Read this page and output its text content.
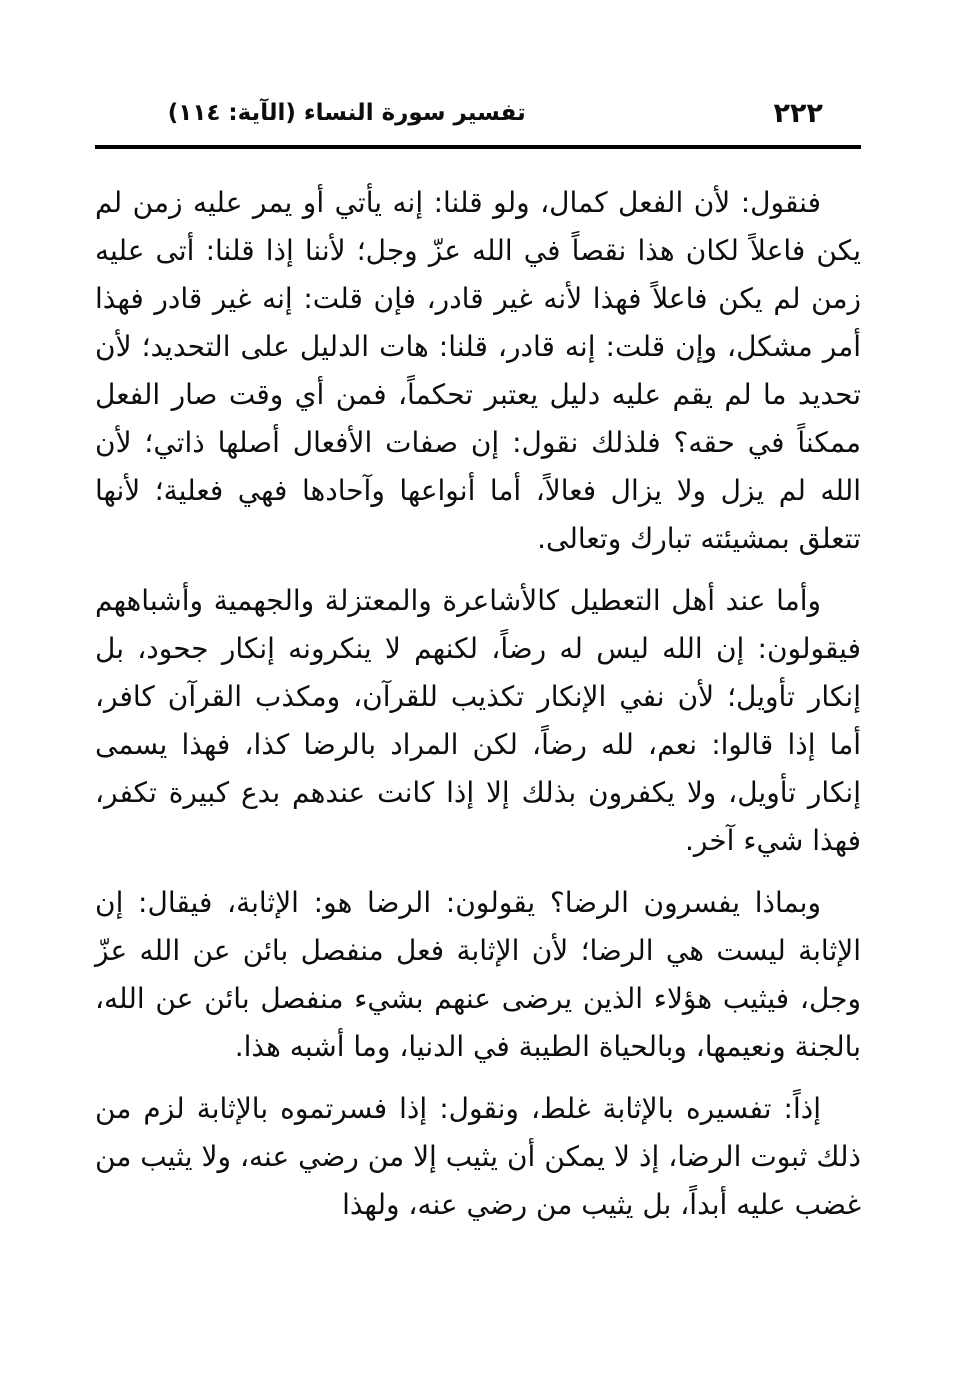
تفسير سورة النساء (الآية: ١١٤)	٢٢٢

فنقول: لأن الفعل كمال، ولو قلنا: إنه يأتي أو يمر عليه زمن لم يكن فاعلاً لكان هذا نقصاً في الله عزّ وجل؛ لأننا إذا قلنا: أتى عليه زمن لم يكن فاعلاً فهذا لأنه غير قادر، فإن قلت: إنه غير قادر فهذا أمر مشكل، وإن قلت: إنه قادر، قلنا: هات الدليل على التحديد؛ لأن تحديد ما لم يقم عليه دليل يعتبر تحكماً، فمن أي وقت صار الفعل ممكناً في حقه؟ فلذلك نقول: إن صفات الأفعال أصلها ذاتي؛ لأن الله لم يزل ولا يزال فعالاً، أما أنواعها وآحادها فهي فعلية؛ لأنها تتعلق بمشيئته تبارك وتعالى.

وأما عند أهل التعطيل كالأشاعرة والمعتزلة والجهمية وأشباههم فيقولون: إن الله ليس له رضاً، لكنهم لا ينكرونه إنكار جحود، بل إنكار تأويل؛ لأن نفي الإنكار تكذيب للقرآن، ومكذب القرآن كافر، أما إذا قالوا: نعم، لله رضاً، لكن المراد بالرضا كذا، فهذا يسمى إنكار تأويل، ولا يكفرون بذلك إلا إذا كانت عندهم بدع كبيرة تكفر، فهذا شيء آخر.

وبماذا يفسرون الرضا؟ يقولون: الرضا هو: الإثابة، فيقال: إن الإثابة ليست هي الرضا؛ لأن الإثابة فعل منفصل بائن عن الله عزّ وجل، فيثيب هؤلاء الذين يرضى عنهم بشيء منفصل بائن عن الله، بالجنة ونعيمها، وبالحياة الطيبة في الدنيا، وما أشبه هذا.

إذاً: تفسيره بالإثابة غلط، ونقول: إذا فسرتموه بالإثابة لزم من ذلك ثبوت الرضا، إذ لا يمكن أن يثيب إلا من رضي عنه، ولا يثيب من غضب عليه أبداً، بل يثيب من رضي عنه، ولهذا
